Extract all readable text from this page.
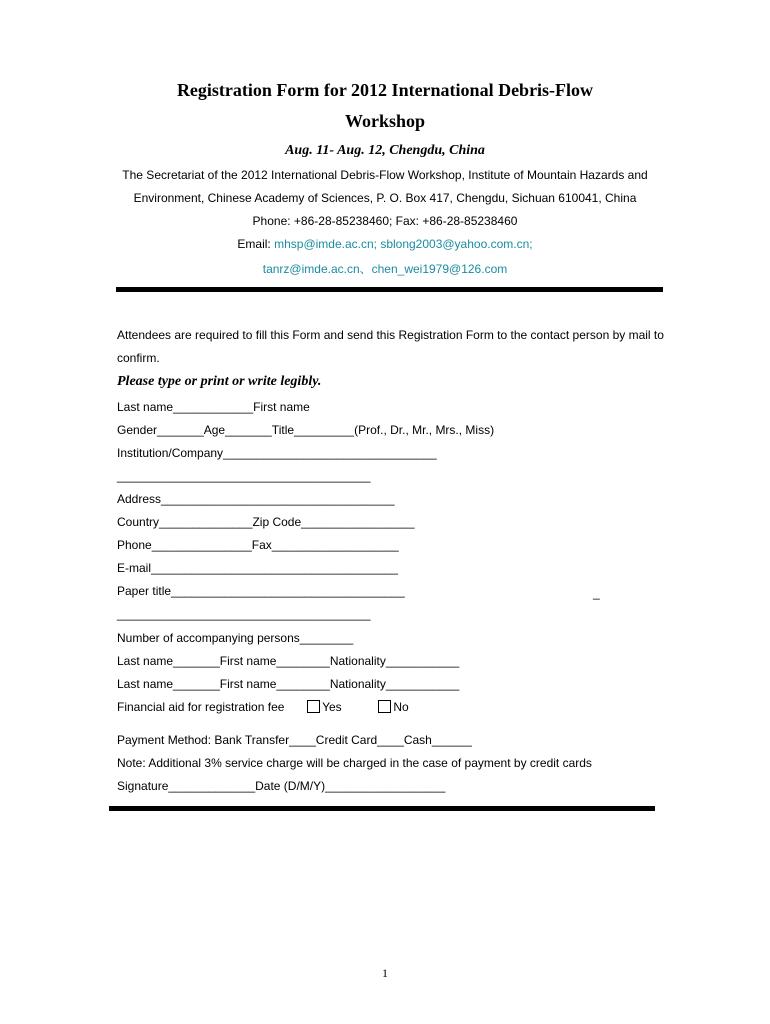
Registration Form for 2012 International Debris-Flow
Workshop
Aug. 11- Aug. 12, Chengdu, China
The Secretariat of the 2012 International Debris-Flow Workshop, Institute of Mountain Hazards and
Environment, Chinese Academy of Sciences, P. O. Box 417, Chengdu, Sichuan 610041, China
Phone: +86-28-85238460; Fax: +86-28-85238460
Email: mhsp@imde.ac.cn; sblong2003@yahoo.com.cn;
tanrz@imde.ac.cn、chen_wei1979@126.com
Attendees are required to fill this Form and send this Registration Form to the contact person by mail to
confirm.
Please type or print or write legibly.
Last name____________First name
Gender_______Age_______Title_________(Prof., Dr., Mr., Mrs., Miss)
Institution/Company________________________________
______________________________________
Address___________________________________
Country______________Zip Code_________________
Phone_______________Fax___________________
E-mail_____________________________________
Paper title___________________________________	_
______________________________________
Number of accompanying persons________
Last name_______First name________Nationality___________
Last name_______First name________Nationality___________
Financial aid for registration fee	Yes	No
Payment Method: Bank Transfer____Credit Card____Cash______
Note: Additional 3% service charge will be charged in the case of payment by credit cards
Signature_____________Date (D/M/Y)__________________
1
